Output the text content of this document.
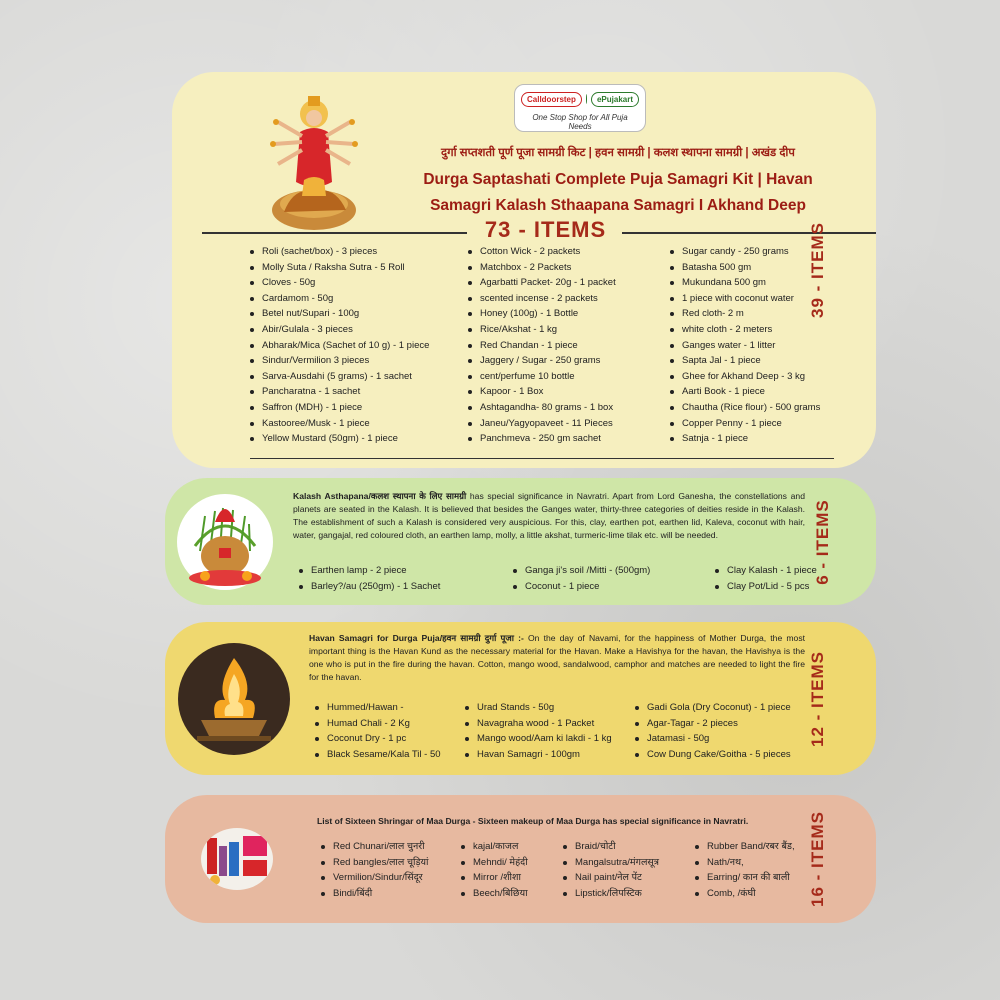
Calldoorstep	ePujakart
One Stop Shop for All Puja Needs
दुर्गा सप्तशती पूर्ण पूजा सामग्री किट | हवन सामग्री | कलश स्थापना सामग्री | अखंड दीप
Durga Saptashati Complete Puja Samagri Kit | Havan
Samagri Kalash Sthaapana Samagri I Akhand Deep
73 - ITEMS
Roli (sachet/box) - 3 pieces
Molly Suta / Raksha Sutra - 5 Roll
Cloves - 50g
Cardamom - 50g
Betel nut/Supari - 100g
Abir/Gulala - 3 pieces
Abharak/Mica (Sachet of 10 g) - 1 piece
Sindur/Vermilion 3 pieces
Sarva-Ausdahi (5 grams) - 1 sachet
Pancharatna - 1 sachet
Saffron (MDH) - 1 piece
Kastooree/Musk - 1 piece
Yellow Mustard (50gm) - 1 piece
Cotton Wick - 2 packets
Matchbox - 2 Packets
Agarbatti Packet- 20g - 1 packet
scented incense - 2 packets
Honey (100g) - 1 Bottle
Rice/Akshat - 1 kg
Red Chandan - 1 piece
Jaggery / Sugar - 250 grams
cent/perfume 10 bottle
Kapoor - 1 Box
Ashtagandha- 80 grams - 1 box
Janeu/Yagyopaveet - 11 Pieces
Panchmeva - 250 gm sachet
Sugar candy - 250 grams
Batasha 500 gm
Mukundana 500 gm
1 piece with coconut water
Red cloth- 2 m
white cloth - 2 meters
Ganges water - 1 litter
Sapta Jal - 1 piece
Ghee for Akhand Deep - 3 kg
Aarti Book - 1 piece
Chautha (Rice flour) - 500 grams
Copper Penny - 1 piece
Satnja - 1 piece
39 - ITEMS
Kalash Asthapana/कलश स्थापना के लिए सामग्री has special significance in Navratri. Apart from Lord Ganesha, the constellations and planets are seated in the Kalash. It is believed that besides the Ganges water, thirty-three categories of deities reside in the Kalash. The establishment of such a Kalash is considered very auspicious. For this, clay, earthen pot, earthen lid, Kaleva, coconut with hair, water, gangajal, red coloured cloth, an earthen lamp, molly, a little akshat, turmeric-lime tilak etc. will be needed.
Earthen lamp - 2 piece
Barley?/au (250gm) - 1 Sachet
Ganga ji's soil /Mitti - (500gm)
Coconut - 1 piece
Clay Kalash - 1 piece
Clay Pot/Lid - 5 pcs
6 - ITEMS
Havan Samagri for Durga Puja/हवन सामग्री दुर्गा पूजा :- On the day of Navami, for the happiness of Mother Durga, the most important thing is the Havan Kund as the necessary material for the Havan. Make a Havishya for the havan, the Havishya is the one who is put in the fire during the havan. Cotton, mango wood, sandalwood, camphor and matches are needed to light the fire for the havan.
Hummed/Hawan -
Humad Chali - 2 Kg
Coconut Dry - 1 pc
Black Sesame/Kala Til - 50
Urad Stands - 50g
Navagraha wood - 1 Packet
Mango wood/Aam ki lakdi - 1 kg
Havan Samagri - 100gm
Gadi Gola (Dry Coconut) - 1 piece
Agar-Tagar - 2 pieces
Jatamasi - 50g
Cow Dung Cake/Goitha - 5 pieces
12 - ITEMS
List of Sixteen Shringar of Maa Durga - Sixteen makeup of Maa Durga has special significance in Navratri.
Red Chunari/लाल चुनरी
Red bangles/लाल चूड़ियां
Vermilion/Sindur/सिंदूर
Bindi/बिंदी
kajal/काजल
Mehndi/ मेहंदी
Mirror /शीशा
Beech/बिछिया
Braid/चोटी
Mangalsutra/मंगलसूत्र
Nail paint/नेल पेंट
Lipstick/लिपस्टिक
Rubber Band/रबर बैंड,
Nath/नथ,
Earring/ कान की बाली
Comb, /कंघी	16 - ITEMS
